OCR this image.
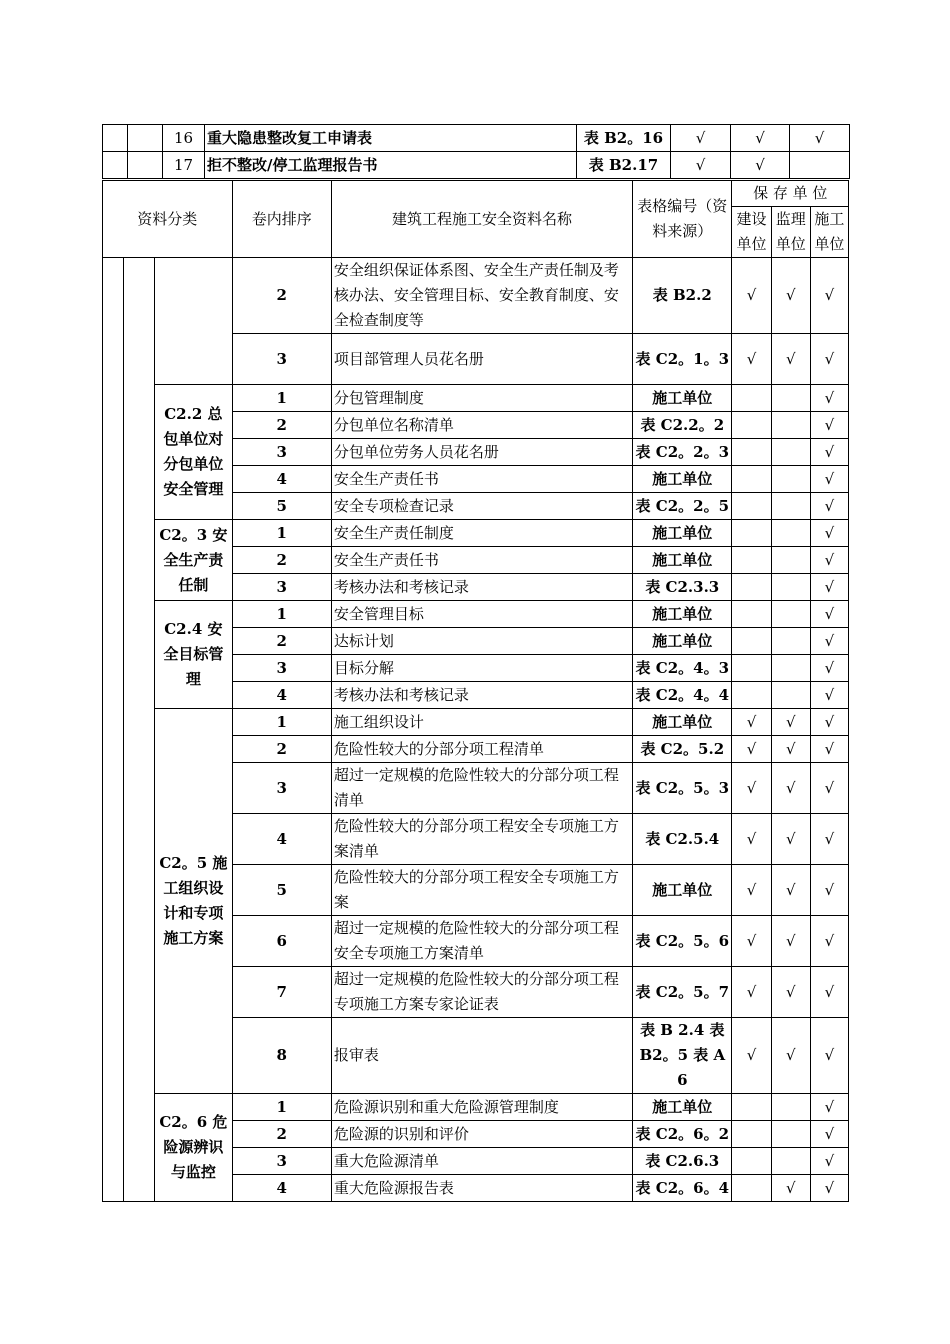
		16	重大隐患整改复工申请表	表 B2。16	√	√	√
		17	拒不整改/停工监理报告书	表 B2.17	√	√	
资料分类			卷内排序	建筑工程施工安全资料名称	表格编号（资料来源）	保 存 单 位		
						建设单位	监理单位	施工单位
			2	安全组织保证体系图、安全生产责任制及考核办法、安全管理目标、安全教育制度、安全检查制度等	表 B2.2	√	√	√
			3	项目部管理人员花名册	表 C2。1。3	√	√	√
		C2.2 总包单位对分包单位安全管理	1	分包管理制度	施工单位			√
			2	分包单位名称清单	表 C2.2。2			√
			3	分包单位劳务人员花名册	表 C2。2。3			√
			4	安全生产责任书	施工单位			√
			5	安全专项检查记录	表 C2。2。5			√
		C2。3 安全生产责任制	1	安全生产责任制度	施工单位			√
			2	安全生产责任书	施工单位			√
			3	考核办法和考核记录	表 C2.3.3			√
		C2.4 安全目标管理	1	安全管理目标	施工单位			√
			2	达标计划	施工单位			√
			3	目标分解	表 C2。4。3			√
			4	考核办法和考核记录	表 C2。4。4			√
		C2。5 施工组织设计和专项施工方案	1	施工组织设计	施工单位	√	√	√
			2	危险性较大的分部分项工程清单	表 C2。5.2	√	√	√
			3	超过一定规模的危险性较大的分部分项工程清单	表 C2。5。3	√	√	√
			4	危险性较大的分部分项工程安全专项施工方案清单	表 C2.5.4	√	√	√
			5	危险性较大的分部分项工程安全专项施工方案	施工单位	√	√	√
			6	超过一定规模的危险性较大的分部分项工程安全专项施工方案清单	表 C2。5。6	√	√	√
			7	超过一定规模的危险性较大的分部分项工程专项施工方案专家论证表	表 C2。5。7	√	√	√
			8	报审表	表 B 2.4 表 B2。5 表 A6	√	√	√
		C2。6 危险源辨识与监控	1	危险源识别和重大危险源管理制度	施工单位			√
			2	危险源的识别和评价	表 C2。6。2			√
			3	重大危险源清单	表 C2.6.3			√
			4	重大危险源报告表	表 C2。6。4		√	√
